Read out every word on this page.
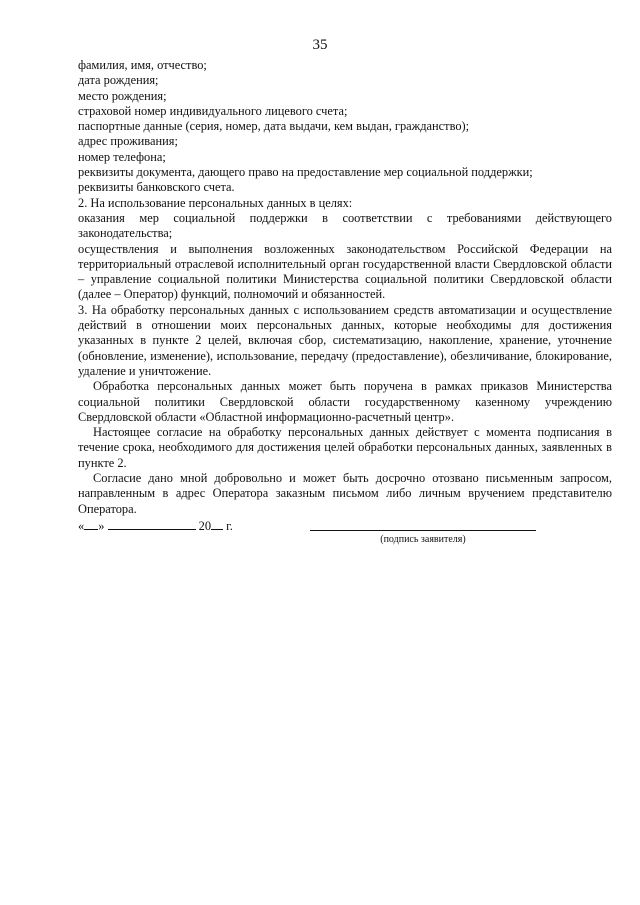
35

фамилия, имя, отчество;

дата рождения;

место рождения;

страховой номер индивидуального лицевого счета;

паспортные данные (серия, номер, дата выдачи, кем выдан, гражданство);

адрес проживания;

номер телефона;

реквизиты документа, дающего право на предоставление мер социальной поддержки;

реквизиты банковского счета.

2. На использование персональных данных в целях:

оказания мер социальной поддержки в соответствии с требованиями действующего законодательства;

осуществления и выполнения возложенных законодательством Российской Федерации на территориальный отраслевой исполнительный орган государственной власти Свердловской области – управление социальной политики Министерства социальной политики Свердловской области (далее – Оператор) функций, полномочий и обязанностей.

3. На обработку персональных данных с использованием средств автоматизации и осуществление действий в отношении моих персональных данных, которые необходимы для достижения указанных в пункте 2 целей, включая сбор, систематизацию, накопление, хранение, уточнение (обновление, изменение), использование, передачу (предоставление), обезличивание, блокирование, удаление и уничтожение.

Обработка персональных данных может быть поручена в рамках приказов Министерства социальной политики Свердловской области государственному казенному учреждению Свердловской области «Областной информационно-расчетный центр».

Настоящее согласие на обработку персональных данных действует с момента подписания в течение срока, необходимого для достижения целей обработки персональных данных, заявленных в пункте 2.

Согласие дано мной добровольно и может быть досрочно отозвано письменным запросом, направленным в адрес Оператора заказным письмом либо личным вручением представителю Оператора.

« »	20 г.
(подпись заявителя)
